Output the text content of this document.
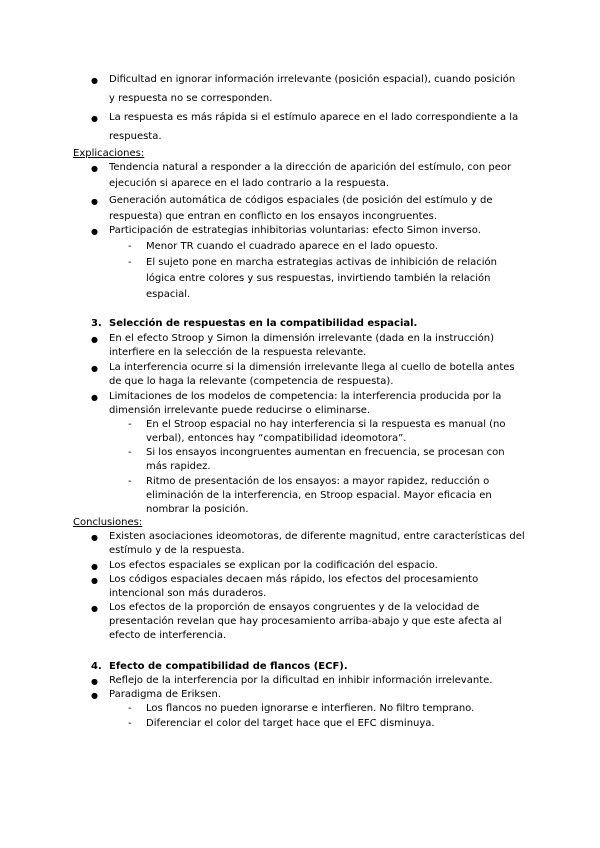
● Dificultad en ignorar información irrelevante (posición espacial), cuando posición
y respuesta no se corresponden.
● La respuesta es más rápida si el estímulo aparece en el lado correspondiente a la
respuesta.
Explicaciones:
● Tendencia natural a responder a la dirección de aparición del estímulo, con peor
ejecución si aparece en el lado contrario a la respuesta.
● Generación automática de códigos espaciales (de posición del estímulo y de
respuesta) que entran en conflicto en los ensayos incongruentes.
● Participación de estrategias inhibitorias voluntarias: efecto Simon inverso.
- Menor TR cuando el cuadrado aparece en el lado opuesto.
- El sujeto pone en marcha estrategias activas de inhibición de relación
lógica entre colores y sus respuestas, invirtiendo también la relación
espacial.
3. Selección de respuestas en la compatibilidad espacial.
● En el efecto Stroop y Simon la dimensión irrelevante (dada en la instrucción)
interfiere en la selección de la respuesta relevante.
● La interferencia ocurre si la dimensión irrelevante llega al cuello de botella antes
de que lo haga la relevante (competencia de respuesta).
● Limitaciones de los modelos de competencia: la interferencia producida por la
dimensión irrelevante puede reducirse o eliminarse.
- En el Stroop espacial no hay interferencia si la respuesta es manual (no
verbal), entonces hay “compatibilidad ideomotora”.
- Si los ensayos incongruentes aumentan en frecuencia, se procesan con
más rapidez.
- Ritmo de presentación de los ensayos: a mayor rapidez, reducción o
eliminación de la interferencia, en Stroop espacial. Mayor eficacia en
nombrar la posición.
Conclusiones:
● Existen asociaciones ideomotoras, de diferente magnitud, entre características del
estímulo y de la respuesta.
● Los efectos espaciales se explican por la codificación del espacio.
● Los códigos espaciales decaen más rápido, los efectos del procesamiento
intencional son más duraderos.
● Los efectos de la proporción de ensayos congruentes y de la velocidad de
presentación revelan que hay procesamiento arriba-abajo y que este afecta al
efecto de interferencia.
4. Efecto de compatibilidad de flancos (ECF).
● Reflejo de la interferencia por la dificultad en inhibir información irrelevante.
● Paradigma de Eriksen.
- Los flancos no pueden ignorarse e interfieren. No filtro temprano.
- Diferenciar el color del target hace que el EFC disminuya.
